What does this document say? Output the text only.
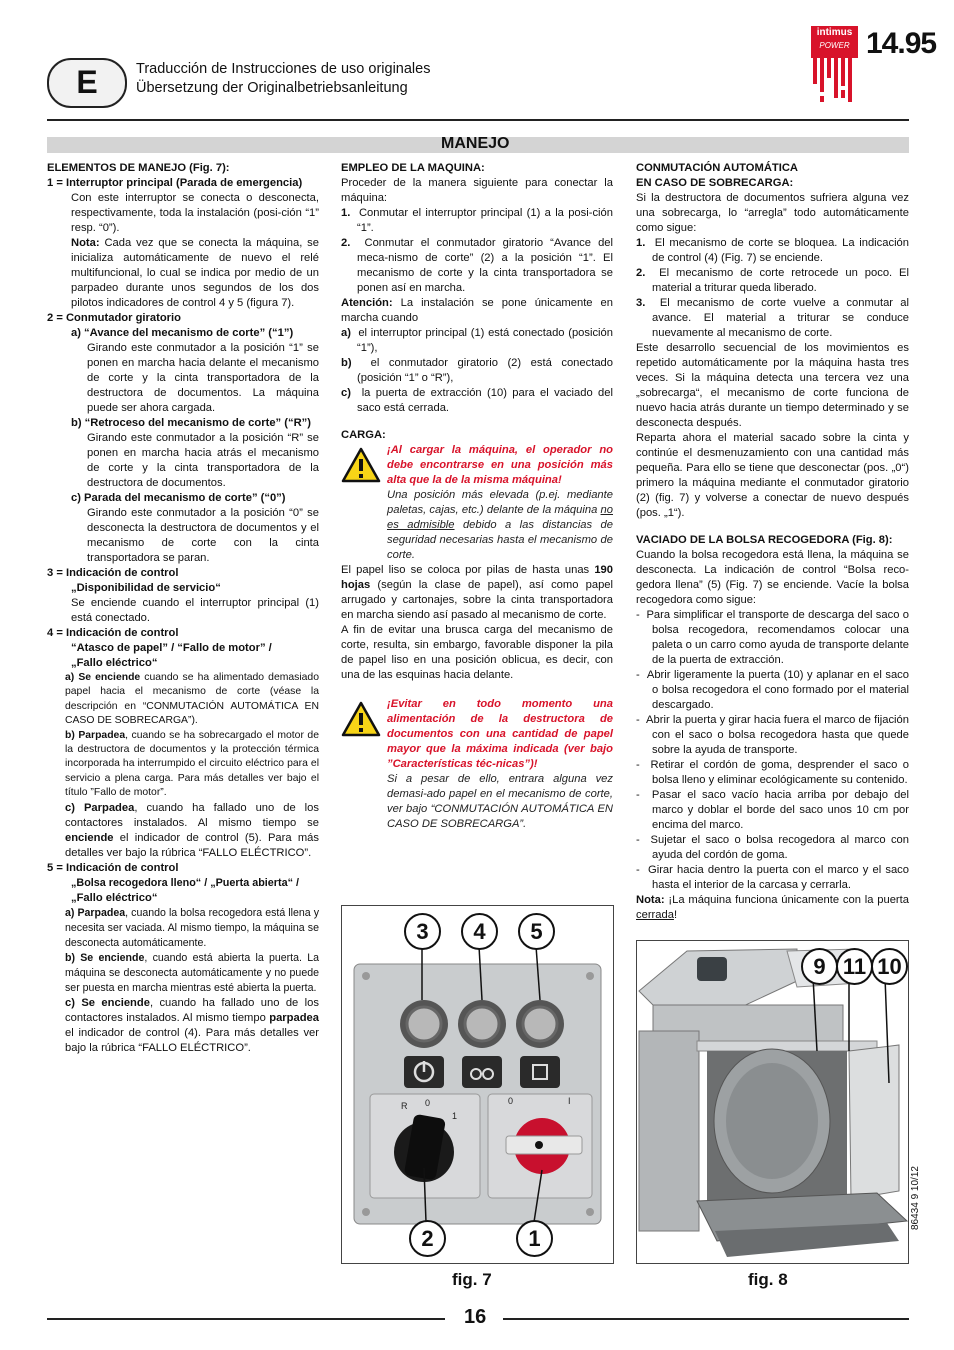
E	Traducción de Instrucciones de uso originales
Übersetzung der Originalbetriebsanleitung
intimus
POWER 14.95
MANEJO

ELEMENTOS DE MANEJO (Fig. 7):

1 = Interruptor principal (Parada de emergencia)

Con este interruptor se conecta o desconecta, respectivamente, toda la instalación (posi-ción “1” resp. “0”).

Nota: Cada vez que se conecta la máquina, se inicializa automáticamente de nuevo el relé multifuncional, lo cual se indica por medio de un parpadeo durante unos segundos de los dos pilotos indicadores de control 4 y 5 (figura 7).

2 = Conmutador giratorio

a) “Avance del mecanismo de corte” (“1”)

Girando este conmutador a la posición “1” se ponen en marcha hacia delante el mecanismo de corte y la cinta transportadora de la destructora de documentos. La máquina puede ser ahora cargada.

b) “Retroceso del mecanismo de corte” (“R”)

Girando este conmutador a la posición “R” se ponen en marcha hacia atrás el mecanismo de corte y la cinta transportadora de la destructora de documentos.

c) Parada del mecanismo de corte” (“0”)

Girando este conmutador a la posición “0” se desconecta la destructora de documentos y el mecanismo de corte con la cinta transportadora se paran.

3 = Indicación de control

„Disponibilidad de servicio“

Se enciende cuando el interruptor principal (1) está conectado.

4 = Indicación de control

“Atasco de papel” / “Fallo de motor” /

„Fallo eléctrico“

a) Se enciende cuando se ha alimentado demasiado papel hacia el mecanismo de corte (véase la descripción en “CONMUTACIÓN AUTOMÁTICA EN CASO DE SOBRECARGA”).

b) Parpadea, cuando se ha sobrecargado el motor de la destructora de documentos y la protección térmica incorporada ha interrumpido el circuito eléctrico para el servicio a plena carga. Para más detalles ver bajo el título ”Fallo de motor”.

c) Parpadea, cuando ha fallado uno de los contactores instalados. Al mismo tiempo se enciende el indicador de control (5). Para más detalles ver bajo la rúbrica “FALLO ELÉCTRICO”.

5 = Indicación de control

„Bolsa recogedora lleno“ / „Puerta abierta“ /

„Fallo eléctrico“

a) Parpadea, cuando la bolsa recogedora está llena y necesita ser vaciada. Al mismo tiempo, la máquina se desconecta automáticamente.

b) Se enciende, cuando está abierta la puerta. La máquina se desconecta automáticamente y no puede ser puesta en marcha mientras esté abierta la puerta.

c) Se enciende, cuando ha fallado uno de los contactores instalados. Al mismo tiempo parpadea el indicador de control (4). Para más detalles ver bajo la rúbrica “FALLO ELÉCTRICO”.

EMPLEO DE LA MAQUINA:

Proceder de la manera siguiente para conectar la máquina:

1.  Conmutar el interruptor principal (1) a la posi-ción “1”.

2.  Conmutar el conmutador giratorio “Avance del meca-nismo de corte” (2) a la posición “1”. El mecanismo de corte y la cinta transportadora se ponen así en marcha.

Atención: La instalación se pone únicamente en marcha cuando

a)  el interruptor principal (1) está conectado (posición “1”),

b)  el conmutador giratorio (2) está conectado (posición “1” o “R”),

c)  la puerta de extracción (10) para el vaciado del saco está cerrada.

CARGA:

¡Al cargar la máquina, el operador no debe encontrarse en una posición más alta que la de la misma máquina!

Una posición más elevada (p.ej. mediante paletas, cajas, etc.) delante de la máquina no es admisible debido a las distancias de seguridad necesarias hasta el mecanismo de corte.

El papel liso se coloca por pilas de hasta unas 190 hojas (según la clase de papel), así como papel arrugado y cartonajes, sobre la cinta transportadora en marcha siendo así pasado al mecanismo de corte.

A fin de evitar una brusca carga del mecanismo de corte, resulta, sin embargo, favorable disponer la pila de papel liso en una posición oblicua, es decir, con una de las esquinas hacia delante.

¡Evitar en todo momento una alimentación de la destructora de documentos con una cantidad de papel mayor que la máxima indicada (ver bajo ”Características téc-nicas”)!

Si a pesar de ello, entrara alguna vez demasi-ado papel en el mecanismo de corte, ver bajo “CONMUTACIÓN AUTOMÁTICA EN CASO DE SOBRECARGA”.

CONMUTACIÓN AUTOMÁTICA

EN CASO DE SOBRECARGA:

Si la destructora de documentos sufriera alguna vez una sobrecarga, lo “arregla” todo automáticamente como sigue:

1.  El mecanismo de corte se bloquea. La indicación de control (4) (Fig. 7) se enciende.

2.  El mecanismo de corte retrocede un poco. El material a triturar queda liberado.

3.  El mecanismo de corte vuelve a conmutar al avance. El material a triturar se conduce nuevamente al mecanismo de corte.

Este desarrollo secuencial de los movimientos es repetido automáticamente por la máquina hasta tres veces. Si la máquina detecta una tercera vez una „sobrecarga“, el mecanismo de corte funciona de nuevo hacia atrás durante un tiempo determinado y se desconecta después.

Reparta ahora el material sacado sobre la cinta y continúe el desmenuzamiento con una cantidad más pequeña. Para ello se tiene que desconectar (pos. „0“) primero la máquina mediante el conmutador giratorio (2) (fig. 7) y volverse a conectar de nuevo después (pos. „1“).

VACIADO DE LA BOLSA RECOGEDORA (Fig. 8):

Cuando la bolsa recogedora está llena, la máquina se desconecta. La indicación de control “Bolsa reco-gedora llena” (5) (Fig. 7) se enciende. Vacíe la bolsa recogedora como sigue:

-  Para simplificar el transporte de descarga del saco o bolsa recogedora, recomendamos colocar una paleta o un carro como ayuda de transporte delante de la puerta de extracción.

-  Abrir ligeramente la puerta (10) y aplanar en el saco o bolsa recogedora el cono formado por el material descargado.

-  Abrir la puerta y girar hacia fuera el marco de fijación con el saco o bolsa recogedora hasta que quede sobre la ayuda de transporte.

-  Retirar el cordón de goma, desprender el saco o bolsa lleno y eliminar ecológicamente su contenido.

-  Pasar el saco vacío hacia arriba por debajo del marco y doblar el borde del saco unos 10 cm por encima del marco.

-  Sujetar el saco o bolsa recogedora al marco con ayuda del cordón de goma.

-  Girar hacia dentro la puerta con el marco y el saco hasta el interior de la carcasa y cerrarla.

Nota: ¡La máquina funciona únicamente con la puerta cerrada!

R 0
1
0	I
3	4	5
2	1
fig. 7
9 11 10
fig. 8
86434 9 10/12
16
